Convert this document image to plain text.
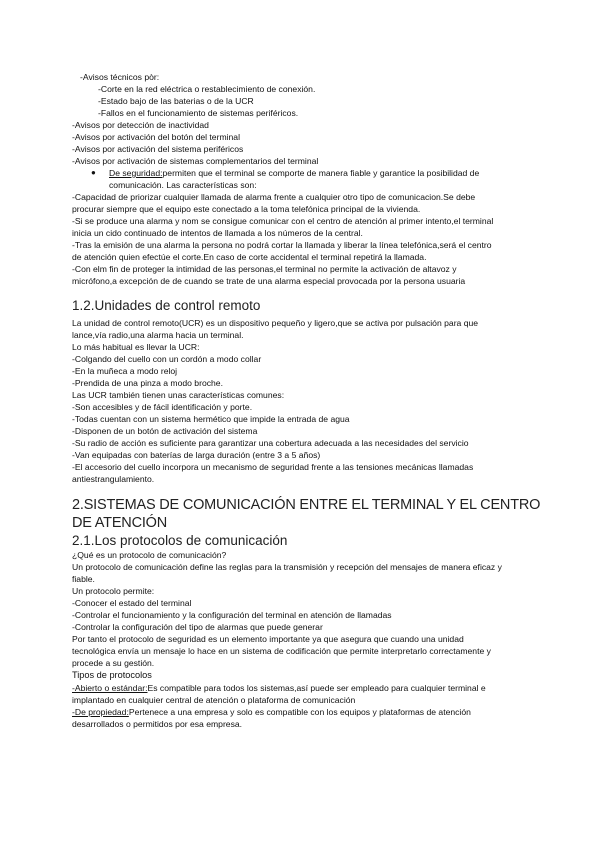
-Avisos técnicos pòr:
-Corte en la red eléctrica o restablecimiento de conexión.
-Estado bajo de las baterias o de la UCR
-Fallos en el funcionamiento de sistemas periféricos.
-Avisos por detección de inactividad
-Avisos por activación del botón del terminal
-Avisos por activación del sistema periféricos
-Avisos por activación de sistemas complementarios del terminal
● De seguridad:permiten que el terminal se comporte de manera fiable y garantice la posibilidad de
comunicación. Las características son:
-Capacidad de priorizar cualquier llamada de alarma frente a cualquier otro tipo de comunicacion.Se debe
procurar siempre que el equipo este conectado a la toma telefónica principal de la vivienda.
-Si se produce una alarma y nom se consigue comunicar con el centro de atención al primer intento,el terminal
inicia un cido continuado de intentos de llamada a los números de la central.
-Tras la emisión de una alarma la persona no podrá cortar la llamada y liberar la línea telefónica,será el centro
de atención quien efectúe el corte.En caso de corte accidental el terminal repetirá la llamada.
-Con elm fin de proteger la intimidad de las personas,el terminal no permite la activación de altavoz y
micrófono,a excepción de de cuando se trate de una alarma especial provocada por la persona usuaria
1.2.Unidades de control remoto
La unidad de control remoto(UCR) es un dispositivo pequeño y ligero,que se activa por pulsación para que
lance,vía radio,una alarma hacia un terminal.
Lo más habitual es llevar la UCR:
-Colgando del cuello con un cordón a modo collar
-En la muñeca a modo reloj
-Prendida de una pinza a modo broche.
Las UCR también tienen unas características comunes:
-Son accesibles y de fácil identificación y porte.
-Todas cuentan con un sistema hermético que impide la entrada de agua
-Disponen de un botón de activación del sistema
-Su radio de acción es suficiente para garantizar una cobertura adecuada a las necesidades del servicio
-Van equipadas con baterías de larga duración (entre 3 a 5 años)
-El accesorio del cuello incorpora un mecanismo de seguridad frente a las tensiones mecánicas llamadas
antiestrangulamiento.
2.SISTEMAS DE COMUNICACIÓN ENTRE EL TERMINAL Y EL CENTRO
DE ATENCIÓN
2.1.Los protocolos de comunicación
¿Qué es un protocolo de comunicación?
Un protocolo de comunicación define las reglas para la transmisión y recepción del mensajes de manera eficaz y
fiable.
Un protocolo permite:
-Conocer el estado del terminal
-Controlar el funcionamiento y la configuración del terminal en atención de llamadas
-Controlar la configuración del tipo de alarmas que puede generar
Por tanto el protocolo de seguridad es un elemento importante ya que asegura que cuando una unidad
tecnológica envía un mensaje lo hace en un sistema de codificación que permite interpretarlo correctamente y
procede a su gestión.
Tipos de protocolos
-Abierto o estándar:Es compatible para todos los sistemas,así puede ser empleado para cualquier terminal e
implantado en cualquier central de atención o plataforma de comunicación
-De propiedad:Pertenece a una empresa y solo es compatible con los equipos y plataformas de atención
desarrollados o permitidos por esa empresa.
